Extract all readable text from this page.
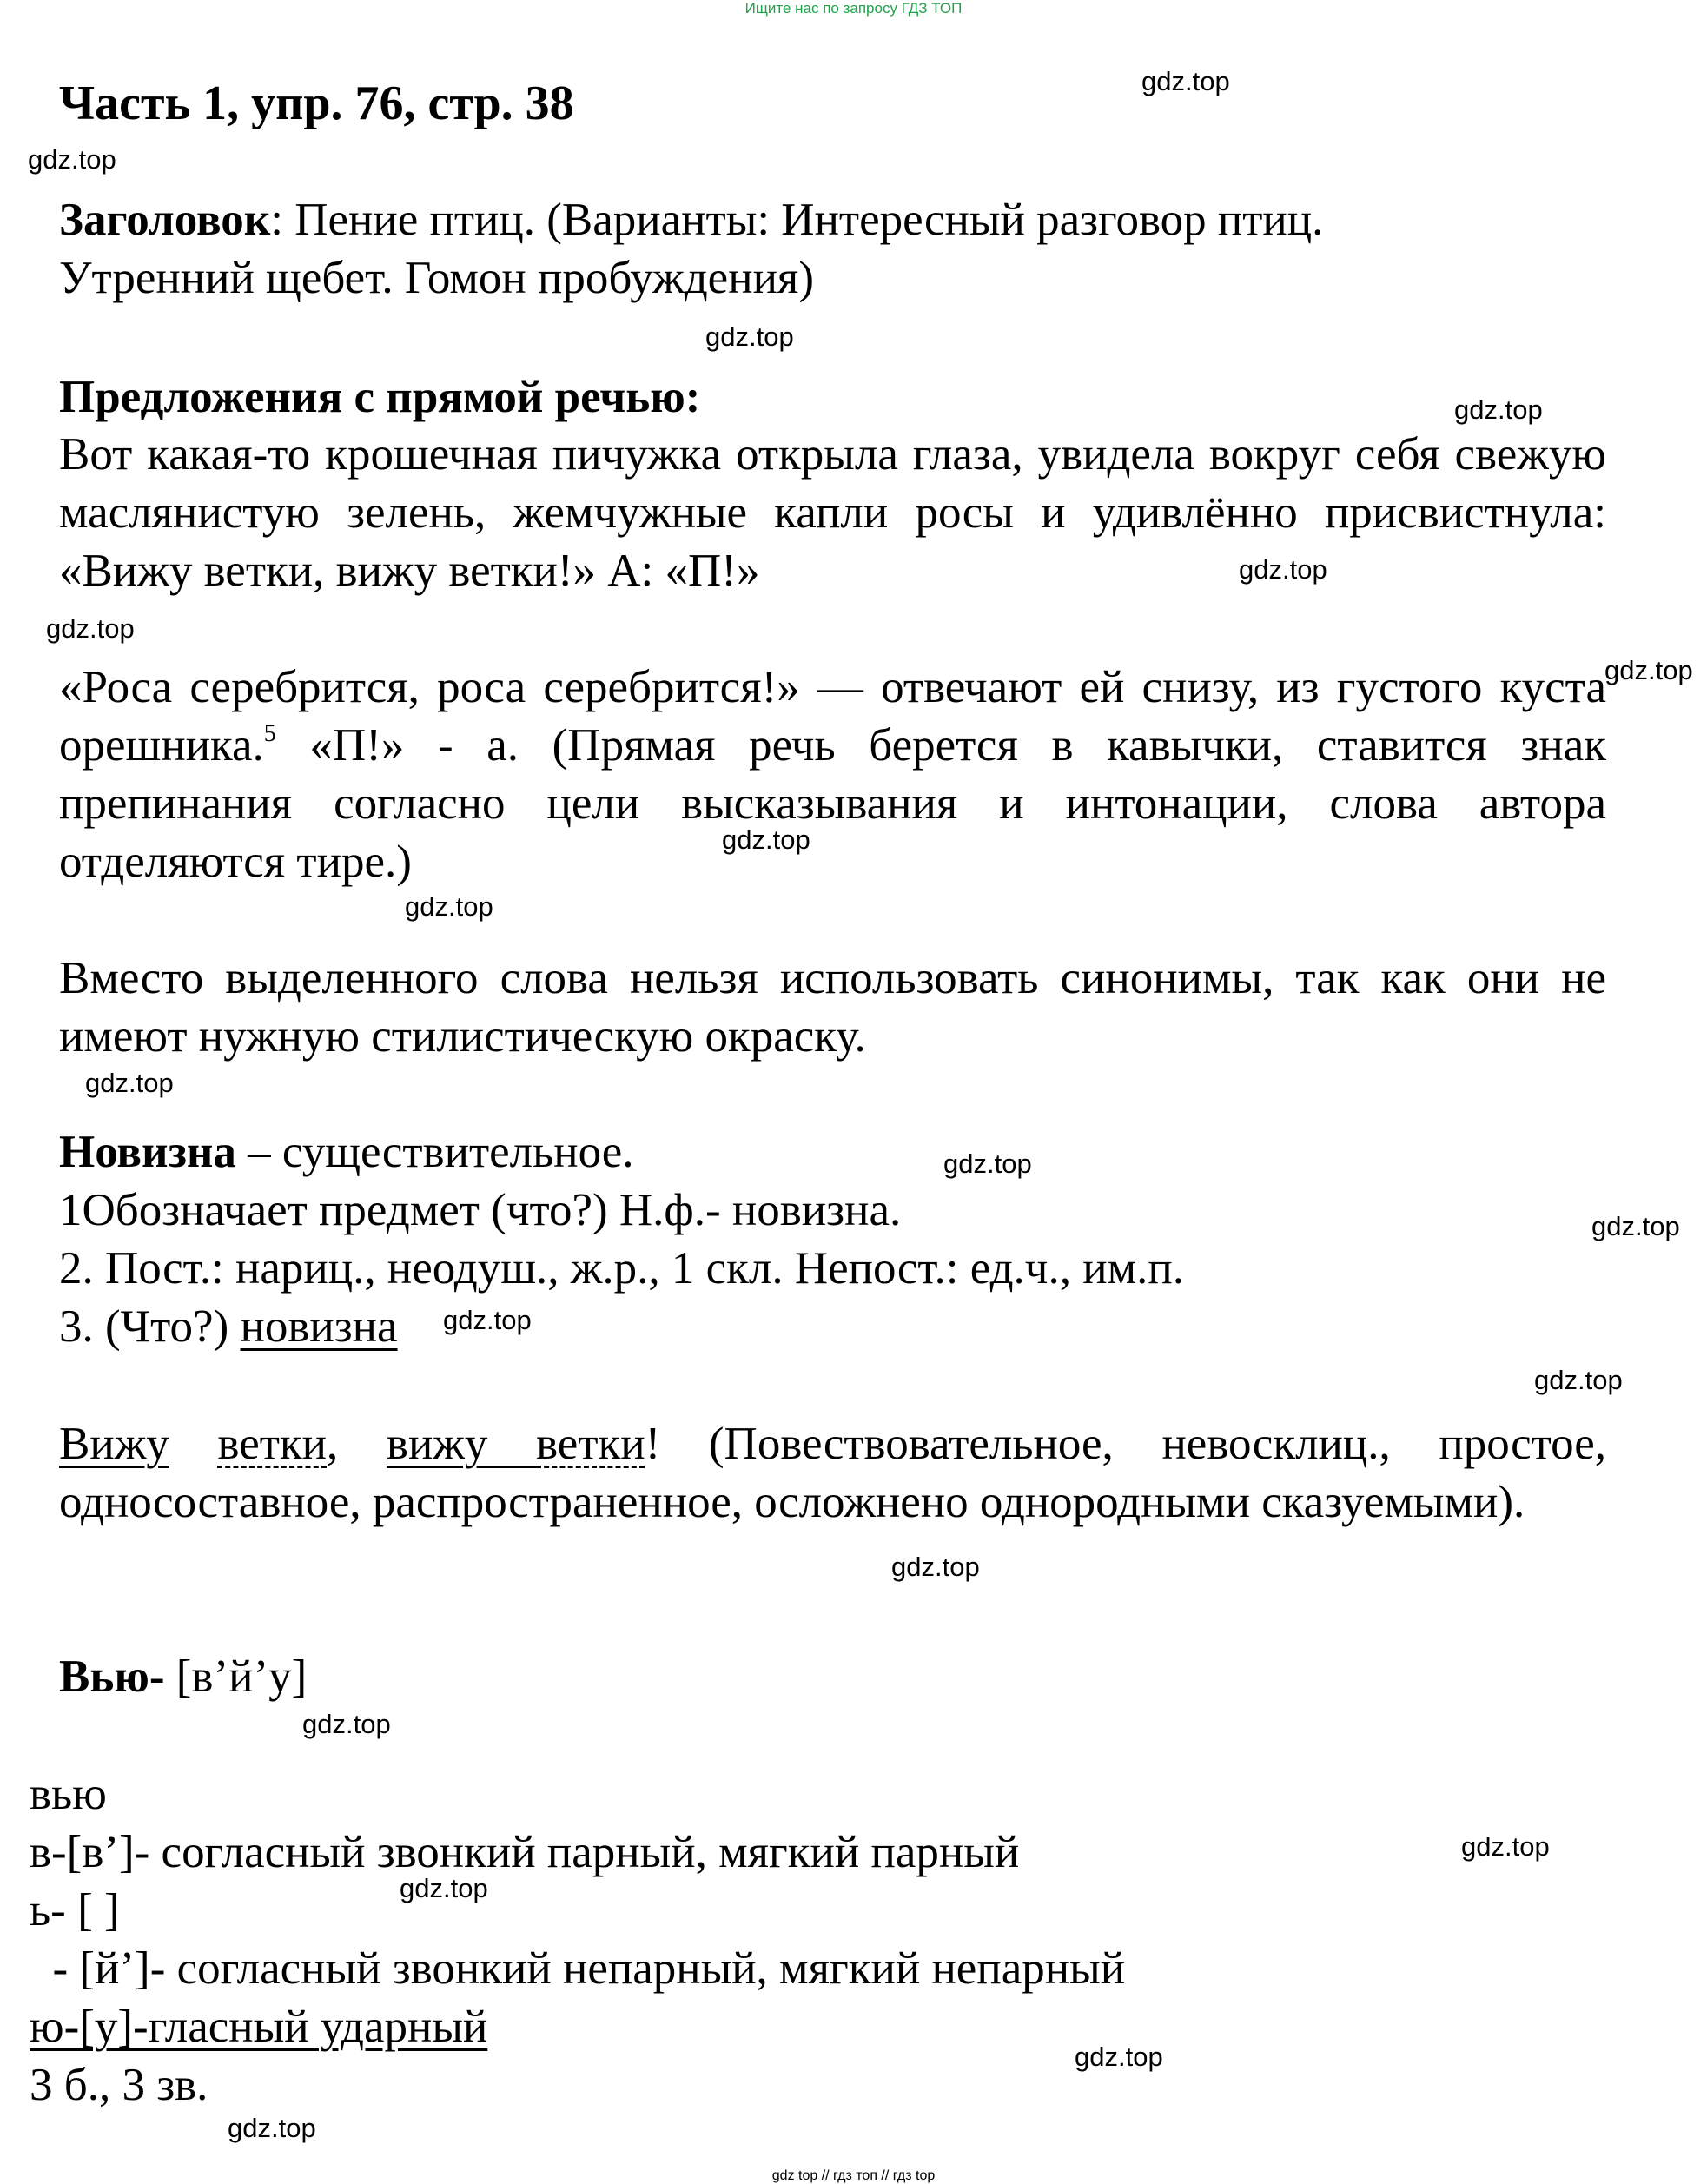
Ищите нас по запросу ГДЗ ТОП
gdz top // гдз топ // гдз top
gdz.top
gdz.top
gdz.top
gdz.top
gdz.top
gdz.top
gdz.top
gdz.top
gdz.top
gdz.top
gdz.top
gdz.top
gdz.top
gdz.top
gdz.top
gdz.top
gdz.top
gdz.top
gdz.top
gdz.top
Часть 1, упр. 76, стр. 38
Заголовок: Пение птиц. (Варианты: Интересный разговор птиц.
Утренний щебет. Гомон пробуждения)
Предложения с прямой речью:
Вот какая-то крошечная пичужка открыла глаза, увидела вокруг себя свежую маслянистую зелень, жемчужные капли росы и удивлённо присвистнула: «Вижу ветки, вижу ветки!» А: «П!»
«Роса серебрится, роса серебрится!» — отвечают ей снизу, из густого куста орешника.$^5$ «П!» - а. (Прямая речь берется в кавычки, ставится знак препинания согласно цели высказывания и интонации, слова автора отделяются тире.)
Вместо выделенного слова нельзя использовать синонимы, так как они не имеют нужную стилистическую окраску.
Новизна – существительное.
1Обозначает предмет (что?) Н.ф.- новизна.
2. Пост.: нариц., неодуш., ж.р., 1 скл. Непост.: ед.ч., им.п.
3. (Что?) новизна
Вижу ветки, вижу ветки! (Повествовательное, невосклиц., простое, односоставное, распространенное, осложнено однородными сказуемыми).
Вью- [в’й’у]
вью
в-[в’]- согласный звонкий парный, мягкий парный
ь- [ ]
- [й’]- согласный звонкий непарный, мягкий непарный
ю-[у]-гласный ударный
3 б., 3 зв.
